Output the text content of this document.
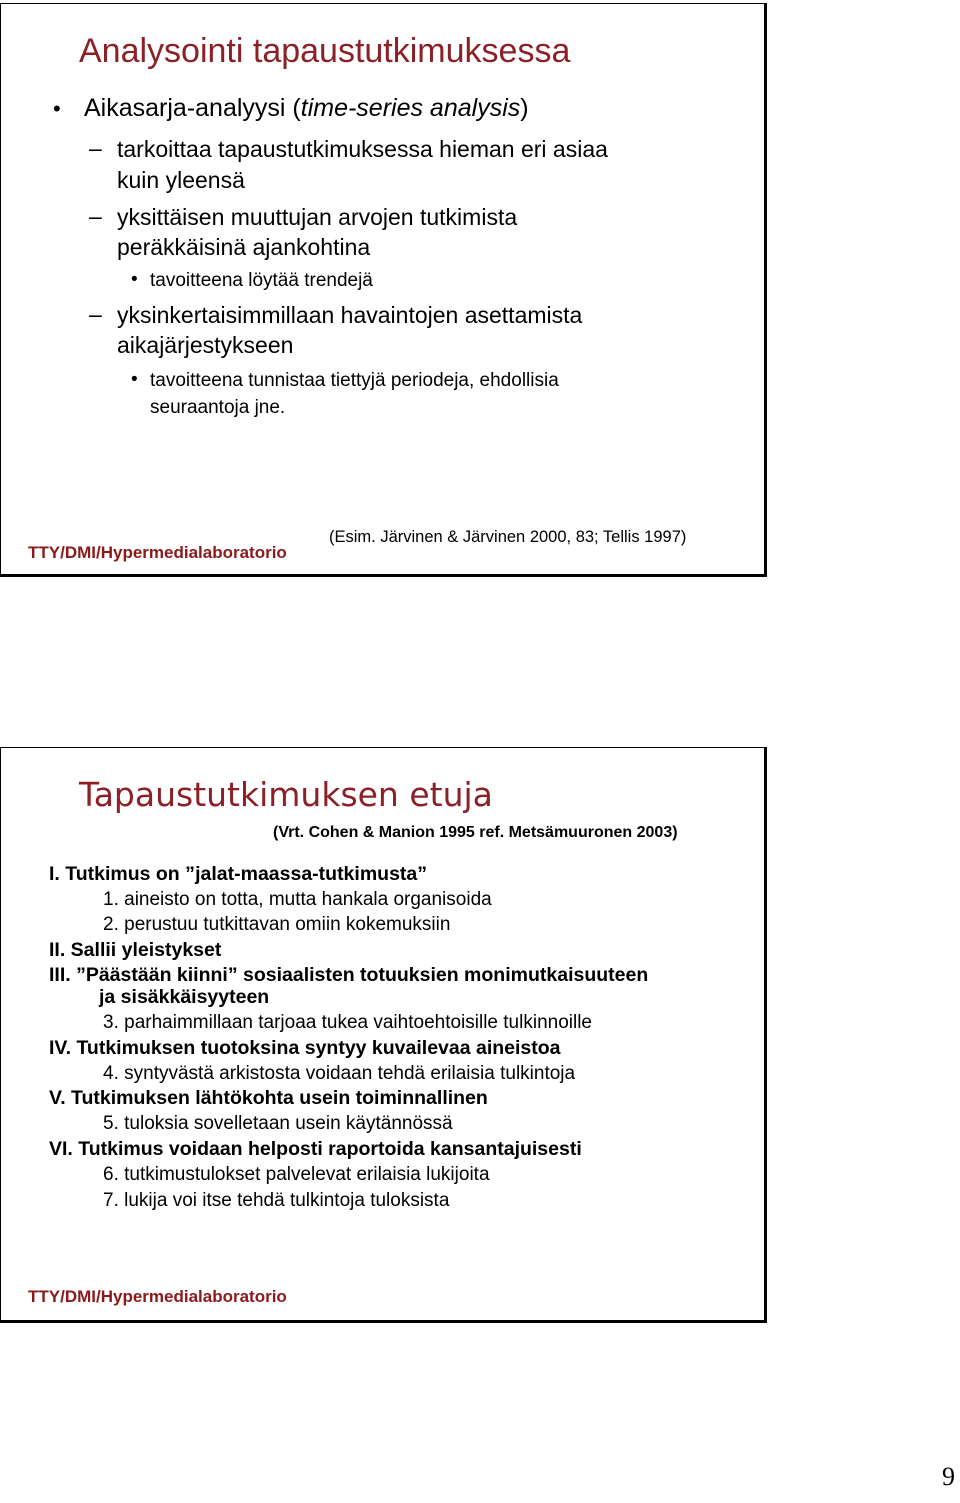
Analysointi tapaustutkimuksessa
• Aikasarja-analyysi (time-series analysis)
– tarkoittaa tapaustutkimuksessa hieman eri asiaa
kuin yleensä
– yksittäisen muuttujan arvojen tutkimista
peräkkäisinä ajankohtina
• tavoitteena löytää trendejä
– yksinkertaisimmillaan havaintojen asettamista
aikajärjestykseen
• tavoitteena tunnistaa tiettyjä periodeja, ehdollisia
seuraantoja jne.
(Esim. Järvinen & Järvinen 2000, 83; Tellis 1997)
TTY/DMI/Hypermedialaboratorio
Tapaustutkimuksen etuja
(Vrt. Cohen & Manion 1995 ref. Metsämuuronen 2003)
I. Tutkimus on ”jalat-maassa-tutkimusta”
1. aineisto on totta, mutta hankala organisoida
2. perustuu tutkittavan omiin kokemuksiin
II. Sallii yleistykset
III. ”Päästään kiinni” sosiaalisten totuuksien monimutkaisuuteen
ja sisäkkäisyyteen
3. parhaimmillaan tarjoaa tukea vaihtoehtoisille tulkinnoille
IV. Tutkimuksen tuotoksina syntyy kuvailevaa aineistoa
4. syntyvästä arkistosta voidaan tehdä erilaisia tulkintoja
V. Tutkimuksen lähtökohta usein toiminnallinen
5. tuloksia sovelletaan usein käytännössä
VI. Tutkimus voidaan helposti raportoida kansantajuisesti
6. tutkimustulokset palvelevat erilaisia lukijoita
7. lukija voi itse tehdä tulkintoja tuloksista
TTY/DMI/Hypermedialaboratorio
9
